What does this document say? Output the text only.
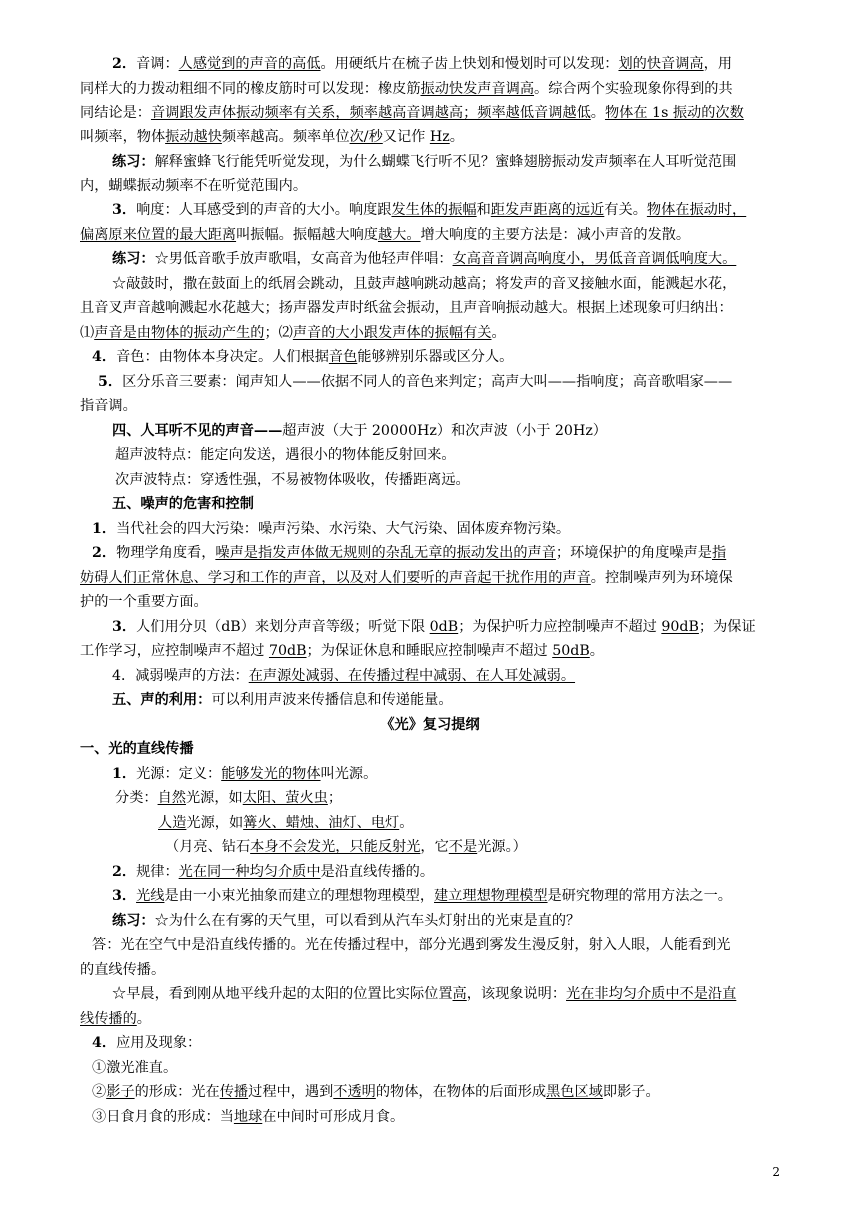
2．音调：人感觉到的声音的高低。用硬纸片在梳子齿上快划和慢划时可以发现：划的快音调高，用
同样大的力拨动粗细不同的橡皮筋时可以发现：橡皮筋振动快发声音调高。综合两个实验现象你得到的共
同结论是：音调跟发声体振动频率有关系，频率越高音调越高；频率越低音调越低。物体在 1s 振动的次数
叫频率，物体振动越快频率越高。频率单位次/秒又记作 Hz。
练习：解释蜜蜂飞行能凭听觉发现，为什么蝴蝶飞行听不见？蜜蜂翅膀振动发声频率在人耳听觉范围
内，蝴蝶振动频率不在听觉范围内。
3．响度：人耳感受到的声音的大小。响度跟发生体的振幅和距发声距离的远近有关。物体在振动时，
偏离原来位置的最大距离叫振幅。振幅越大响度越大。增大响度的主要方法是：减小声音的发散。
练习：☆男低音歌手放声歌唱，女高音为他轻声伴唱：女高音音调高响度小，男低音音调低响度大。
☆敲鼓时，撒在鼓面上的纸屑会跳动，且鼓声越响跳动越高；将发声的音叉接触水面，能溅起水花，
且音叉声音越响溅起水花越大；扬声器发声时纸盆会振动，且声音响振动越大。根据上述现象可归纳出：
⑴声音是由物体的振动产生的；⑵声音的大小跟发声体的振幅有关。
4．音色：由物体本身决定。人们根据音色能够辨别乐器或区分人。
5．区分乐音三要素：闻声知人——依据不同人的音色来判定；高声大叫——指响度；高音歌唱家——
指音调。
四、人耳听不见的声音——超声波（大于 20000Hz）和次声波（小于 20Hz）
超声波特点：能定向发送，遇很小的物体能反射回来。
次声波特点：穿透性强，不易被物体吸收，传播距离远。
五、噪声的危害和控制
1．当代社会的四大污染：噪声污染、水污染、大气污染、固体废弃物污染。
2．物理学角度看，噪声是指发声体做无规则的杂乱无章的振动发出的声音；环境保护的角度噪声是指
妨碍人们正常休息、学习和工作的声音，以及对人们要听的声音起干扰作用的声音。控制噪声列为环境保
护的一个重要方面。
3．人们用分贝（dB）来划分声音等级；听觉下限 0dB；为保护听力应控制噪声不超过 90dB；为保证
工作学习，应控制噪声不超过 70dB；为保证休息和睡眠应控制噪声不超过 50dB。
4．减弱噪声的方法：在声源处减弱、在传播过程中减弱、在人耳处减弱。
五、声的利用：可以利用声波来传播信息和传递能量。
《光》复习提纲
一、光的直线传播
1．光源：定义：能够发光的物体叫光源。
分类：自然光源，如太阳、萤火虫；
人造光源，如篝火、蜡烛、油灯、电灯。
（月亮、钻石本身不会发光，只能反射光，它不是光源。）
2．规律：光在同一种均匀介质中是沿直线传播的。
3．光线是由一小束光抽象而建立的理想物理模型，建立理想物理模型是研究物理的常用方法之一。
练习：☆为什么在有雾的天气里，可以看到从汽车头灯射出的光束是直的？
答：光在空气中是沿直线传播的。光在传播过程中，部分光遇到雾发生漫反射，射入人眼，人能看到光
的直线传播。
☆早晨，看到刚从地平线升起的太阳的位置比实际位置高，该现象说明：光在非均匀介质中不是沿直
线传播的。
4．应用及现象：
①激光准直。
②影子的形成：光在传播过程中，遇到不透明的物体，在物体的后面形成黑色区域即影子。
③日食月食的形成：当地球在中间时可形成月食。
2
